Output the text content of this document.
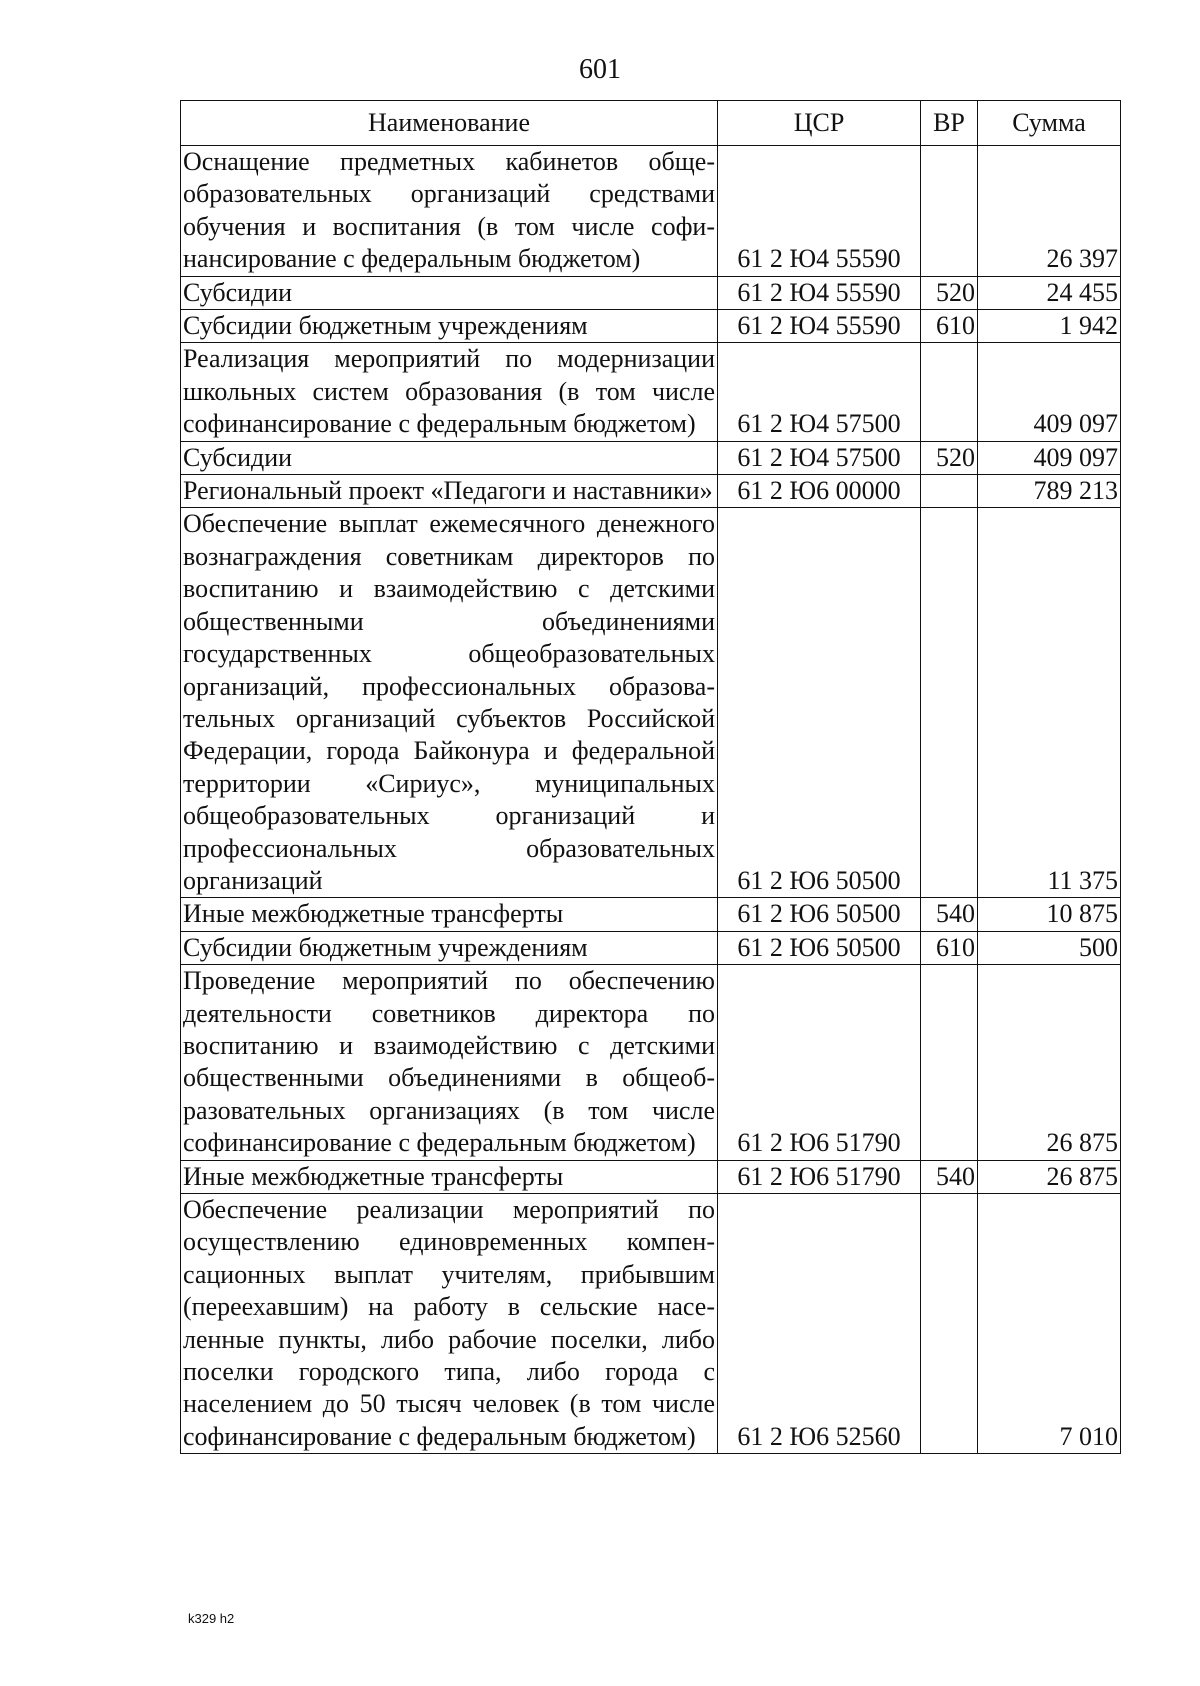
601
Наименование	ЦСР	ВР	Сумма
Оснащение предметных кабинетов общеобразовательных организаций средствами обучения и воспитания (в том числе софинансирование с федеральным бюджетом)	61 2 Ю4 55590		26 397
Субсидии	61 2 Ю4 55590	520	24 455
Субсидии бюджетным учреждениям	61 2 Ю4 55590	610	1 942
Реализация мероприятий по модернизации школьных систем образования (в том числе софинансирование с федеральным бюджетом)	61 2 Ю4 57500		409 097
Субсидии	61 2 Ю4 57500	520	409 097
Региональный проект «Педагоги и наставники»	61 2 Ю6 00000		789 213
Обеспечение выплат ежемесячного денежного вознаграждения советникам директоров по воспитанию и взаимодействию с детскими общественными объединениями государственных общеобразовательных организаций, профессиональных образовательных организаций субъектов Российской Федерации, города Байконура и федеральной территории «Сириус», муниципальных общеобразовательных организаций и профессиональных образовательных организаций	61 2 Ю6 50500		11 375
Иные межбюджетные трансферты	61 2 Ю6 50500	540	10 875
Субсидии бюджетным учреждениям	61 2 Ю6 50500	610	500
Проведение мероприятий по обеспечению деятельности советников директора по воспитанию и взаимодействию с детскими общественными объединениями в общеобразовательных организациях (в том числе софинансирование с федеральным бюджетом)	61 2 Ю6 51790		26 875
Иные межбюджетные трансферты	61 2 Ю6 51790	540	26 875
Обеспечение реализации мероприятий по осуществлению единовременных компенсационных выплат учителям, прибывшим (переехавшим) на работу в сельские населенные пункты, либо рабочие поселки, либо поселки городского типа, либо города с населением до 50 тысяч человек (в том числе софинансирование с федеральным бюджетом)	61 2 Ю6 52560		7 010
k329 h2
